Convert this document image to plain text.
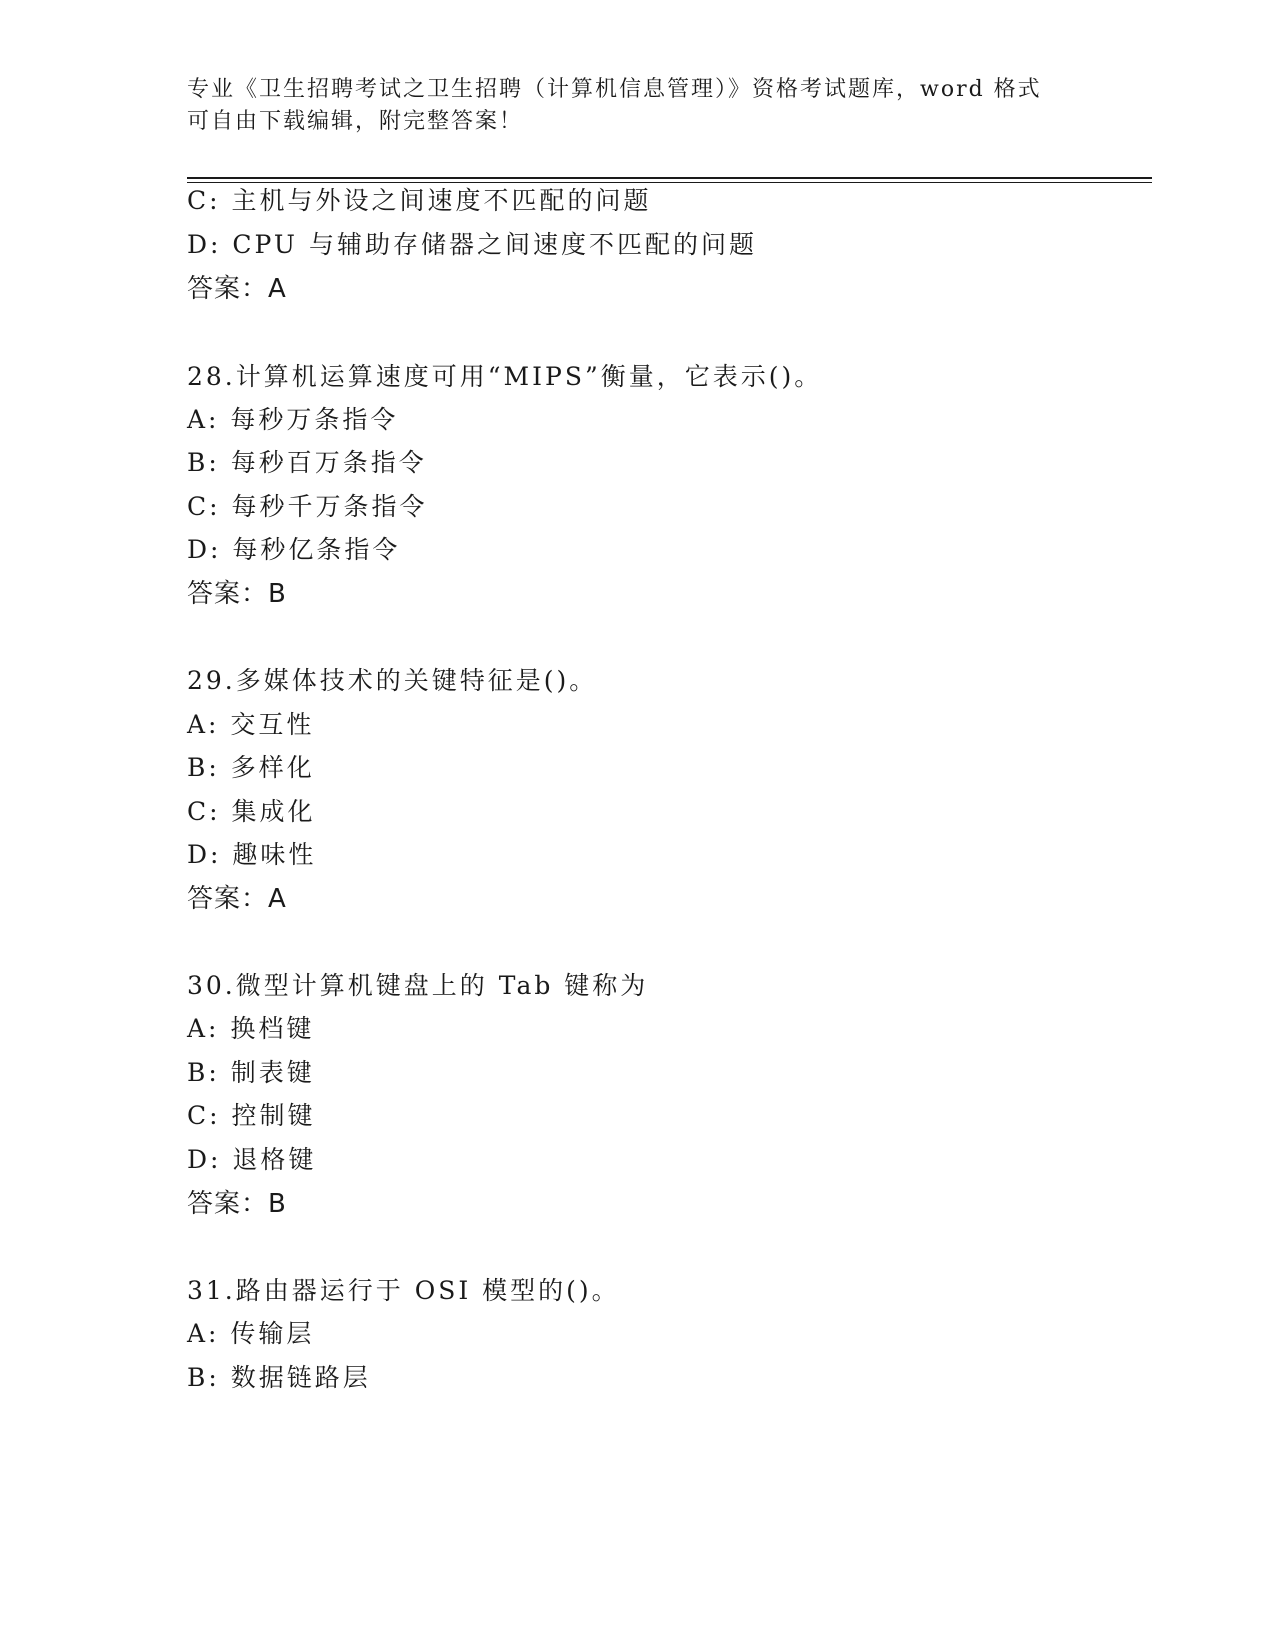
专业《卫生招聘考试之卫生招聘（计算机信息管理）》资格考试题库，word 格式
可自由下载编辑，附完整答案！
C: 主机与外设之间速度不匹配的问题
D: CPU 与辅助存储器之间速度不匹配的问题
答案：A
28.计算机运算速度可用“MIPS”衡量，它表示()。
A: 每秒万条指令
B: 每秒百万条指令
C: 每秒千万条指令
D: 每秒亿条指令
答案：B
29.多媒体技术的关键特征是()。
A: 交互性
B: 多样化
C: 集成化
D: 趣味性
答案：A
30.微型计算机键盘上的 Tab 键称为
A: 换档键
B: 制表键
C: 控制键
D: 退格键
答案：B
31.路由器运行于 OSI 模型的()。
A: 传输层
B: 数据链路层
